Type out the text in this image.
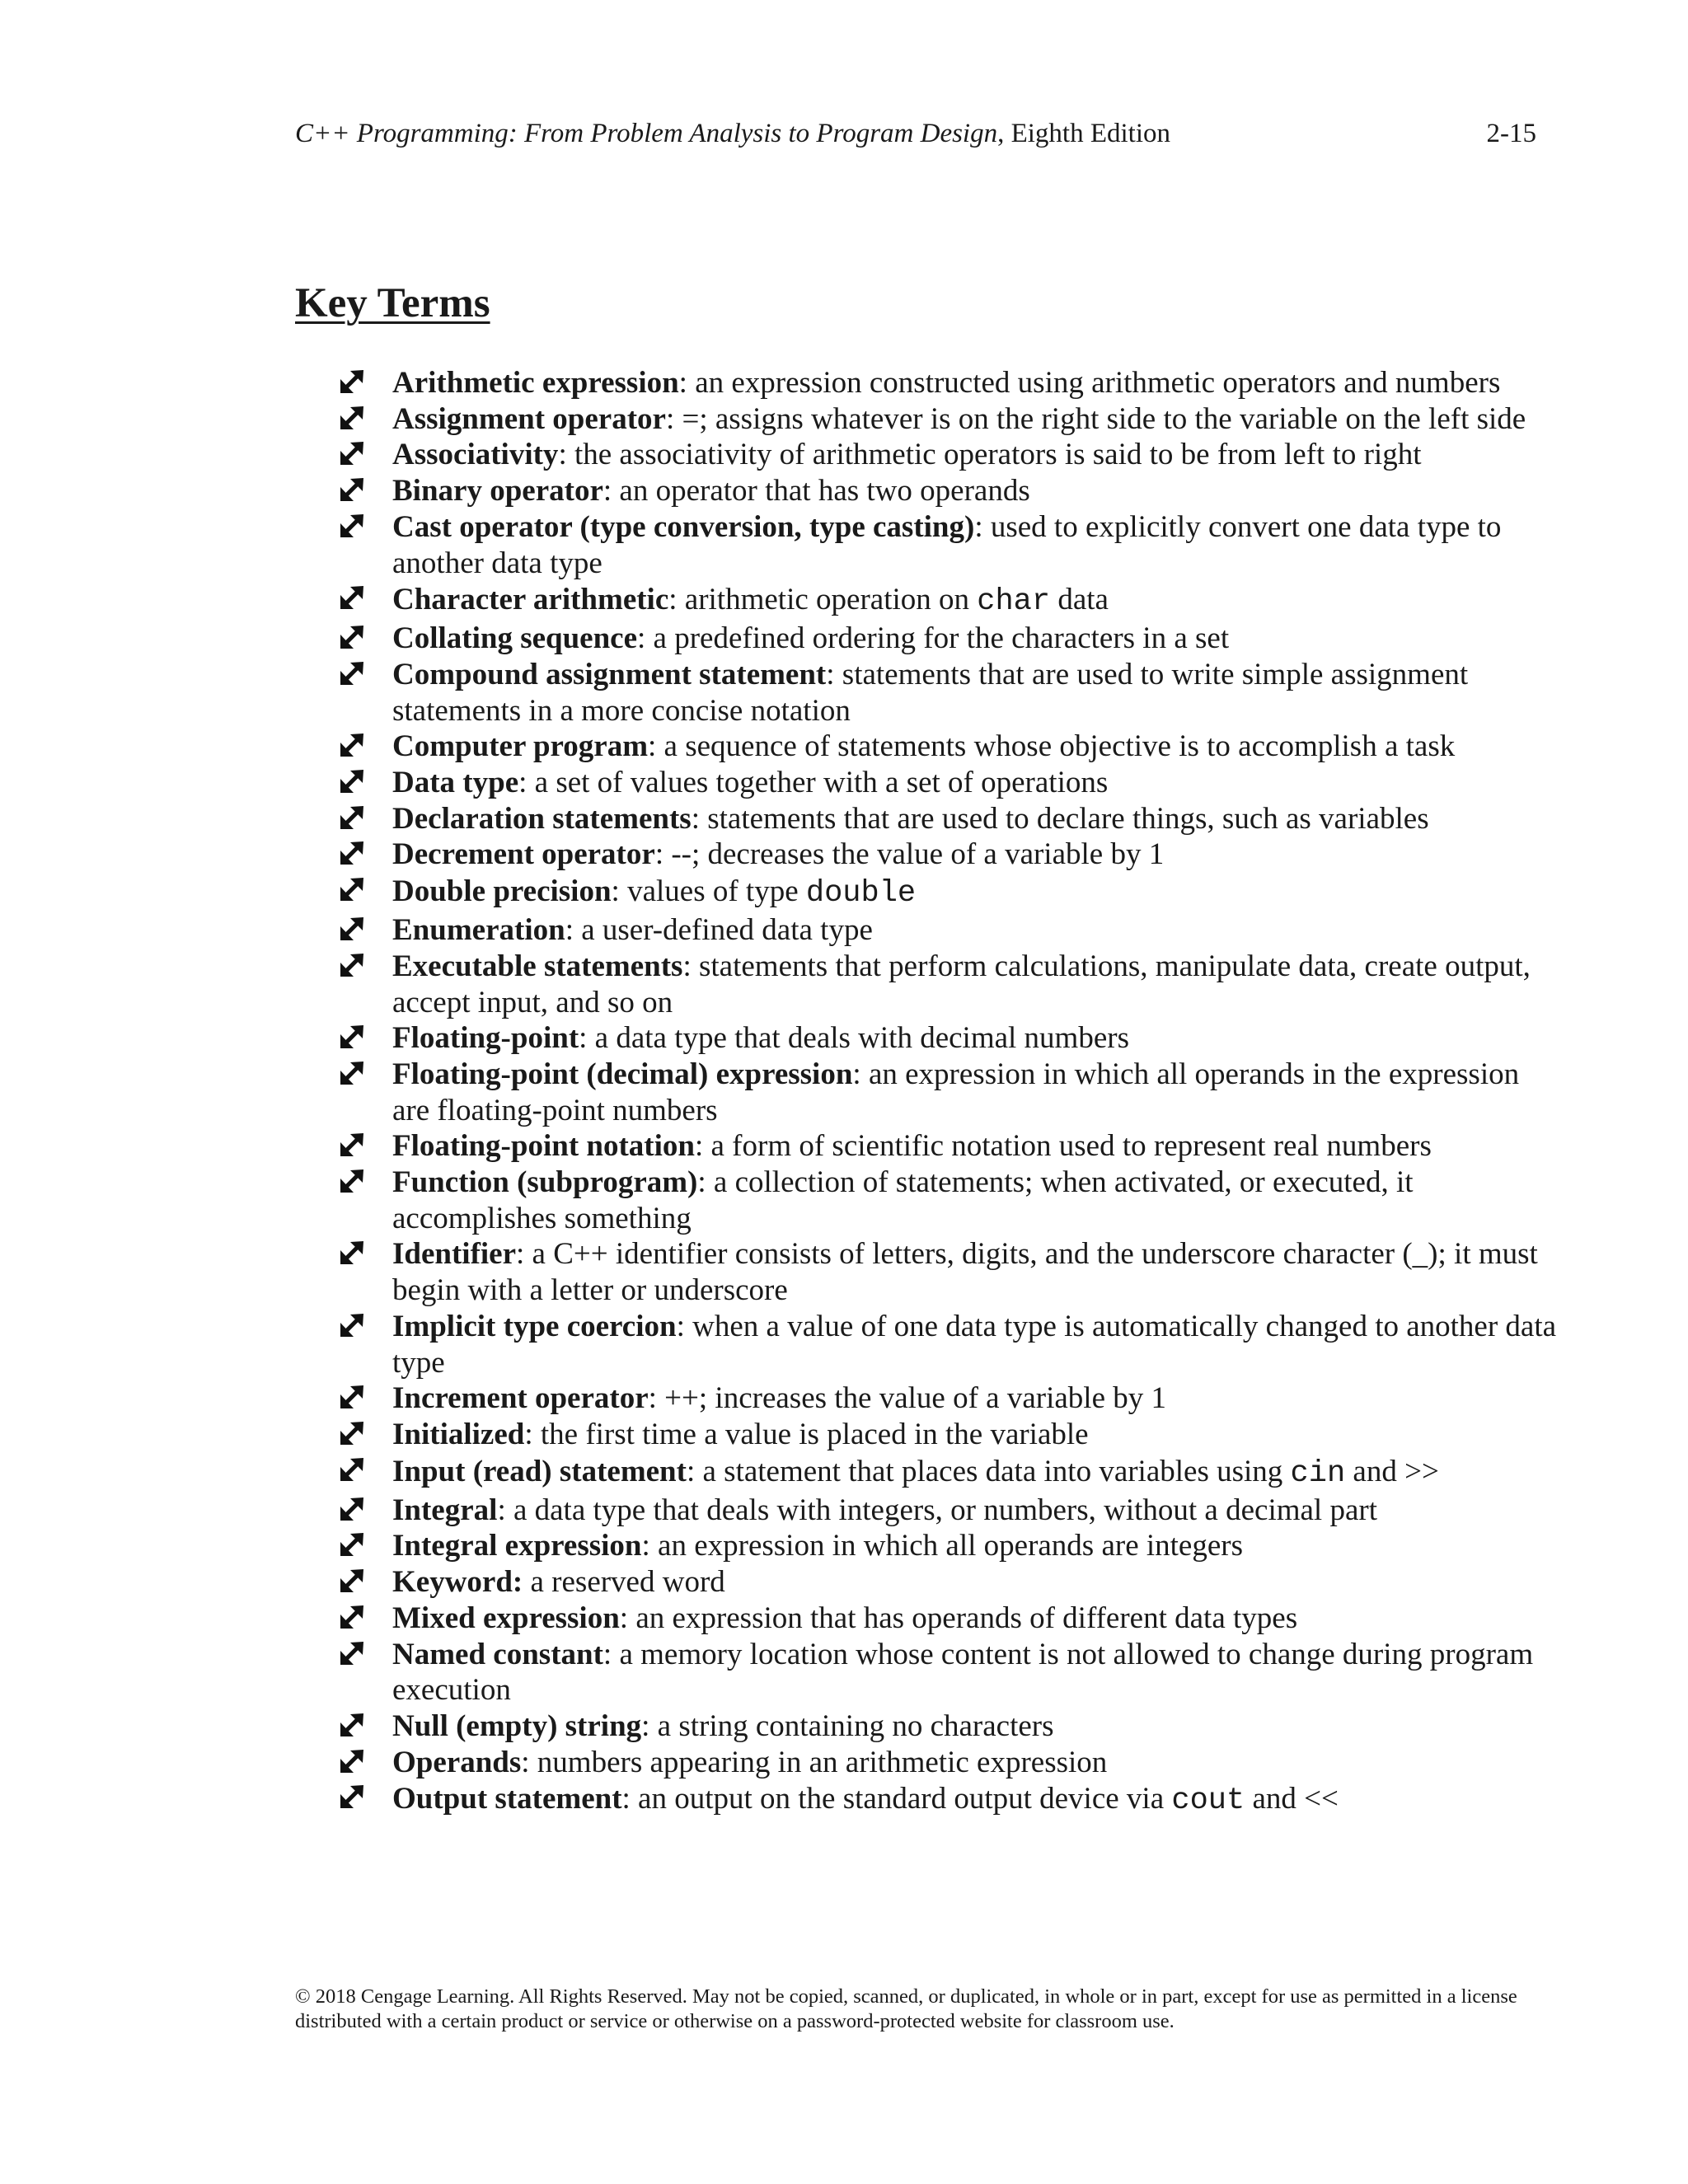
C++ Programming: From Problem Analysis to Program Design, Eighth Edition	2-15
Key Terms
Arithmetic expression: an expression constructed using arithmetic operators and numbers
Assignment operator: =; assigns whatever is on the right side to the variable on the left side
Associativity: the associativity of arithmetic operators is said to be from left to right
Binary operator: an operator that has two operands
Cast operator (type conversion, type casting): used to explicitly convert one data type to another data type
Character arithmetic: arithmetic operation on char data
Collating sequence: a predefined ordering for the characters in a set
Compound assignment statement: statements that are used to write simple assignment statements in a more concise notation
Computer program: a sequence of statements whose objective is to accomplish a task
Data type: a set of values together with a set of operations
Declaration statements: statements that are used to declare things, such as variables
Decrement operator: --; decreases the value of a variable by 1
Double precision: values of type double
Enumeration: a user-defined data type
Executable statements: statements that perform calculations, manipulate data, create output, accept input, and so on
Floating-point: a data type that deals with decimal numbers
Floating-point (decimal) expression: an expression in which all operands in the expression are floating-point numbers
Floating-point notation: a form of scientific notation used to represent real numbers
Function (subprogram): a collection of statements; when activated, or executed, it accomplishes something
Identifier: a C++ identifier consists of letters, digits, and the underscore character (_); it must begin with a letter or underscore
Implicit type coercion: when a value of one data type is automatically changed to another data type
Increment operator: ++; increases the value of a variable by 1
Initialized: the first time a value is placed in the variable
Input (read) statement: a statement that places data into variables using cin and >>
Integral: a data type that deals with integers, or numbers, without a decimal part
Integral expression: an expression in which all operands are integers
Keyword: a reserved word
Mixed expression: an expression that has operands of different data types
Named constant: a memory location whose content is not allowed to change during program execution
Null (empty) string: a string containing no characters
Operands: numbers appearing in an arithmetic expression
Output statement: an output on the standard output device via cout and <<
© 2018 Cengage Learning. All Rights Reserved. May not be copied, scanned, or duplicated, in whole or in part, except for use as permitted in a license distributed with a certain product or service or otherwise on a password-protected website for classroom use.
